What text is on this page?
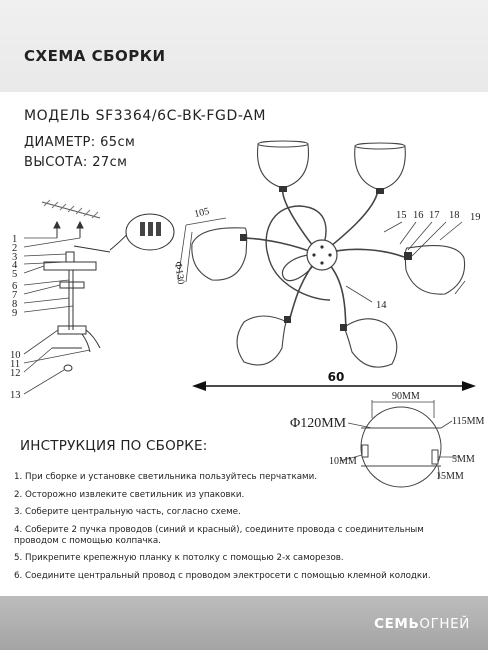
СХЕМА СБОРКИ
МОДЕЛЬ SF3364/6C-BK-FGD-AM
ДИАМЕТР: 65см
ВЫСОТА: 27см
1
2
3
4
5
6
7
8
9
10
11
12
13
105
Ф130
14
15 16 17 18 19
60
Φ120MM
90MM
115MM
10MM	5MM
15MM
ИНСТРУКЦИЯ ПО СБОРКЕ:
1. При сборке и установке светильника пользуйтесь перчатками.
2. Осторожно извлеките светильник из упаковки.
3. Соберите центральную часть, согласно схеме.
4. Соберите 2 пучка проводов (синий и красный), соедините провода с соединительным
проводом с помощью колпачка.
5. Прикрепите крепежную планку к потолку с помощью 2-х саморезов.
6. Соедините центральный провод с проводом электросети с помощью клемной колодки.
СЕМЬОГНЕЙ
